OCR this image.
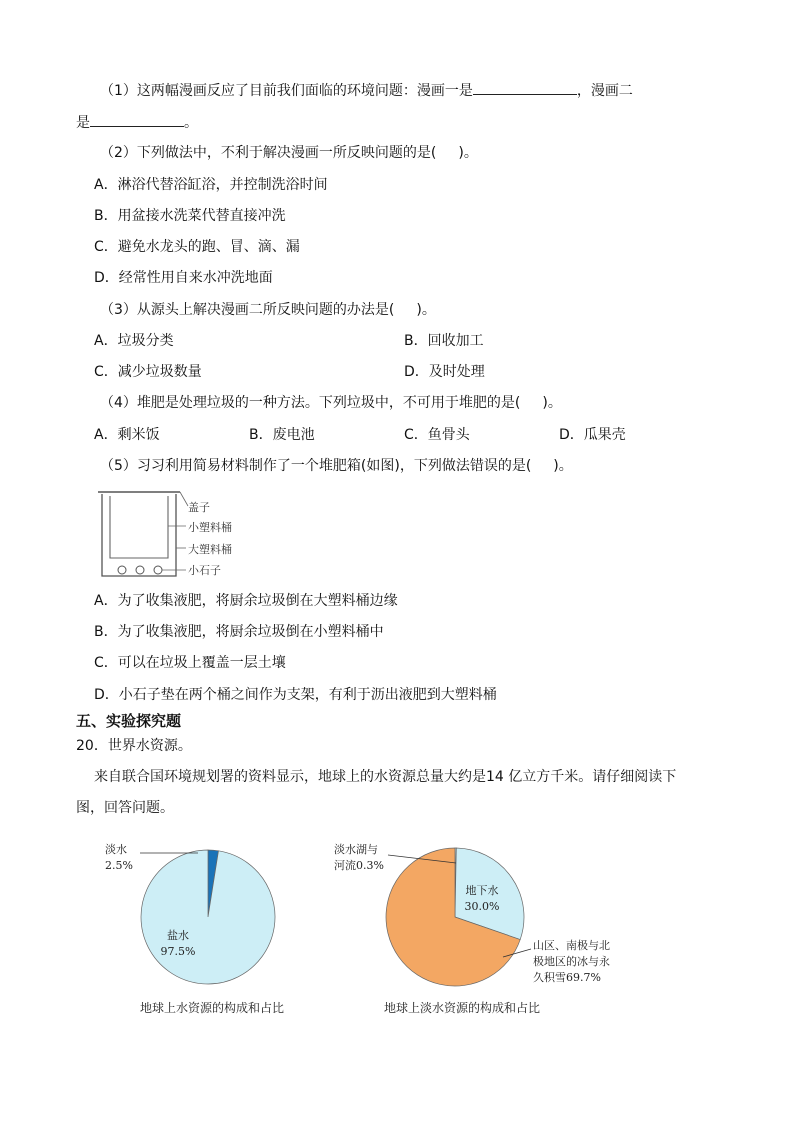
（1）这两幅漫画反应了目前我们面临的环境问题：漫画一是	，漫画二
是	。
（2）下列做法中，不利于解决漫画一所反映问题的是( )。
A．淋浴代替浴缸浴，并控制洗浴时间
B．用盆接水洗菜代替直接冲洗
C．避免水龙头的跑、冒、滴、漏
D．经常性用自来水冲洗地面
（3）从源头上解决漫画二所反映问题的办法是( )。
A．垃圾分类	B．回收加工
C．减少垃圾数量	D．及时处理
（4）堆肥是处理垃圾的一种方法。下列垃圾中，不可用于堆肥的是( )。
A．剩米饭	B．废电池	C．鱼骨头	D．瓜果壳
（5）习习利用简易材料制作了一个堆肥箱(如图)，下列做法错误的是( )。
盖子
小塑料桶
大塑料桶
小石子
A．为了收集液肥，将厨余垃圾倒在大塑料桶边缘
B．为了收集液肥，将厨余垃圾倒在小塑料桶中
C．可以在垃圾上覆盖一层土壤
D．小石子垫在两个桶之间作为支架，有利于沥出液肥到大塑料桶
五、实验探究题
20．世界水资源。
来自联合国环境规划署的资料显示，地球上的水资源总量大约是14 亿立方千米。请仔细阅读下
图，回答问题。
淡水
2.5%
盐水
97.5%
地球上水资源的构成和占比
淡水湖与
河流0.3%
地下水
30.0%
山区、南极与北
极地区的冰与永
久积雪69.7%
地球上淡水资源的构成和占比
